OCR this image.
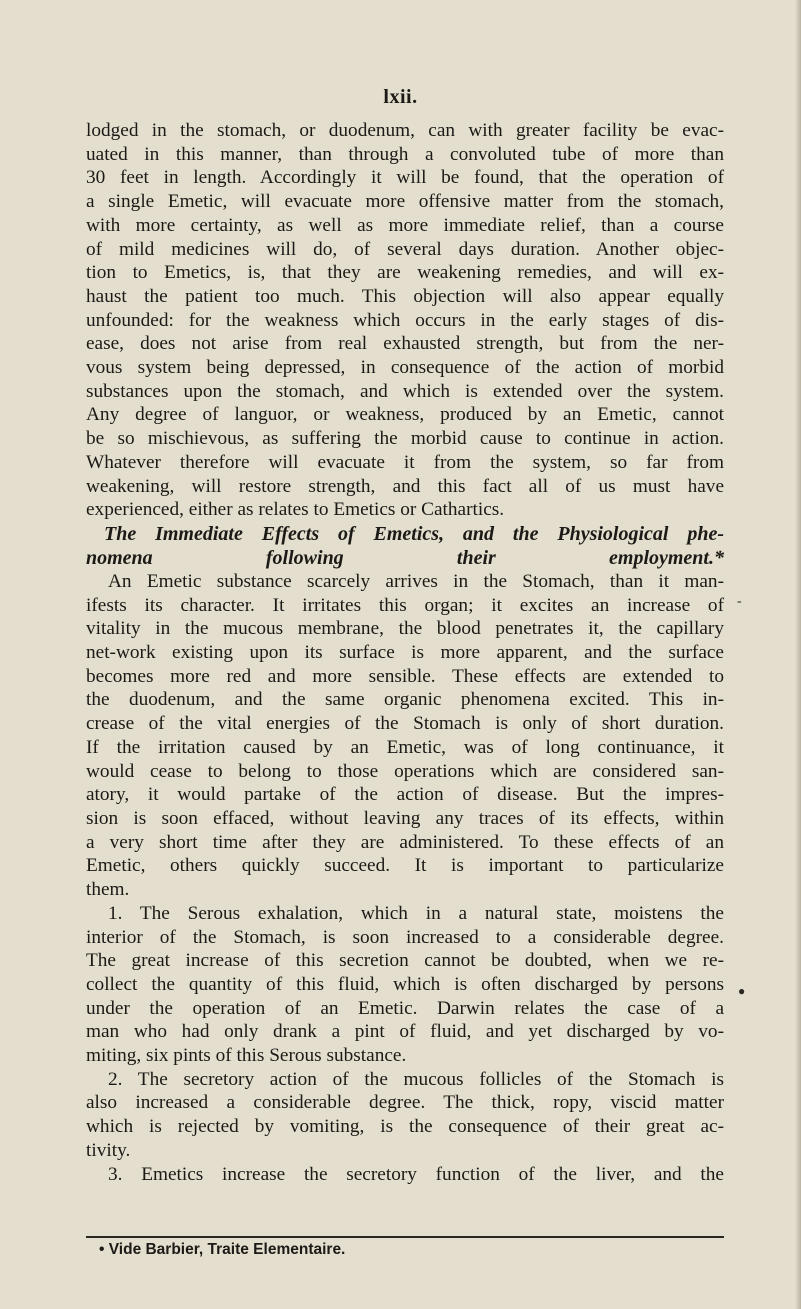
lxii.

lodged in the stomach, or duodenum, can with greater facility be evac-

uated in this manner, than through a convoluted tube of more than

30 feet in length. Accordingly it will be found, that the operation of

a single Emetic, will evacuate more offensive matter from the stomach,

with more certainty, as well as more immediate relief, than a course

of mild medicines will do, of several days duration. Another objec-

tion to Emetics, is, that they are weakening remedies, and will ex-

haust the patient too much. This objection will also appear equally

unfounded: for the weakness which occurs in the early stages of dis-

ease, does not arise from real exhausted strength, but from the ner-

vous system being depressed, in consequence of the action of morbid

substances upon the stomach, and which is extended over the system.

Any degree of languor, or weakness, produced by an Emetic, cannot

be so mischievous, as suffering the morbid cause to continue in action.

Whatever therefore will evacuate it from the system, so far from

weakening, will restore strength, and this fact all of us must have

experienced, either as relates to Emetics or Cathartics.

The Immediate Effects of Emetics, and the Physiological phe-

nomena following their employment.*

An Emetic substance scarcely arrives in the Stomach, than it man-

ifests its character. It irritates this organ; it excites an increase of

vitality in the mucous membrane, the blood penetrates it, the capillary

net-work existing upon its surface is more apparent, and the surface

becomes more red and more sensible. These effects are extended to

the duodenum, and the same organic phenomena excited. This in-

crease of the vital energies of the Stomach is only of short duration.

If the irritation caused by an Emetic, was of long continuance, it

would cease to belong to those operations which are considered san-

atory, it would partake of the action of disease. But the impres-

sion is soon effaced, without leaving any traces of its effects, within

a very short time after they are administered. To these effects of an

Emetic, others quickly succeed. It is important to particularize

them.

1. The Serous exhalation, which in a natural state, moistens the

interior of the Stomach, is soon increased to a considerable degree.

The great increase of this secretion cannot be doubted, when we re-

collect the quantity of this fluid, which is often discharged by persons

under the operation of an Emetic. Darwin relates the case of a

man who had only drank a pint of fluid, and yet discharged by vo-

miting, six pints of this Serous substance.

2. The secretory action of the mucous follicles of the Stomach is

also increased a considerable degree. The thick, ropy, viscid matter

which is rejected by vomiting, is the consequence of their great ac-

tivity.

3. Emetics increase the secretory function of the liver, and the

• Vide Barbier, Traite Elementaire.
-
●
